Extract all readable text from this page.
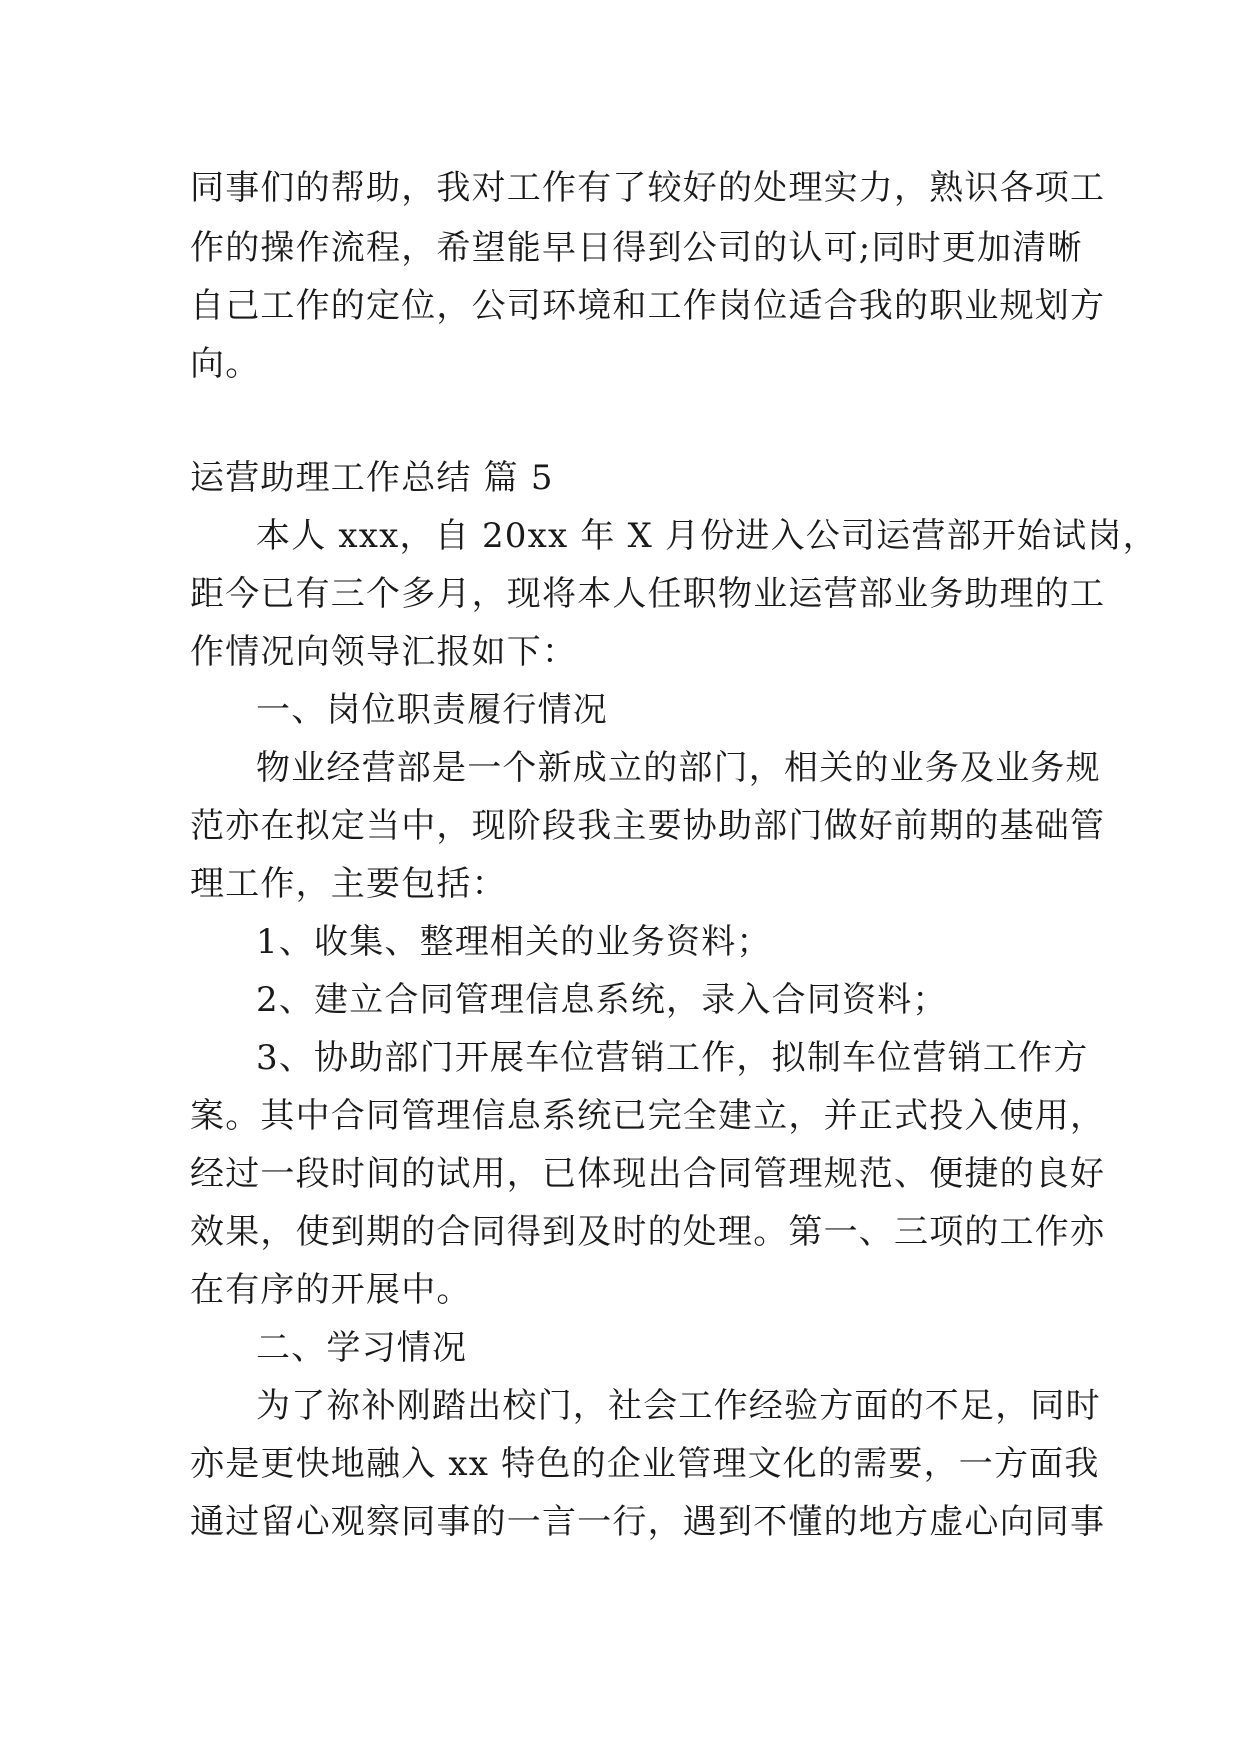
同事们的帮助，我对工作有了较好的处理实力，熟识各项工
作的操作流程，希望能早日得到公司的认可;同时更加清晰
自己工作的定位，公司环境和工作岗位适合我的职业规划方
向。
运营助理工作总结 篇 5
本人 xxx，自 20xx 年 X 月份进入公司运营部开始试岗，
距今已有三个多月，现将本人任职物业运营部业务助理的工
作情况向领导汇报如下：
一、岗位职责履行情况
物业经营部是一个新成立的部门，相关的业务及业务规
范亦在拟定当中，现阶段我主要协助部门做好前期的基础管
理工作，主要包括：
1、收集、整理相关的业务资料；
2、建立合同管理信息系统，录入合同资料；
3、协助部门开展车位营销工作，拟制车位营销工作方
案。其中合同管理信息系统已完全建立，并正式投入使用，
经过一段时间的试用，已体现出合同管理规范、便捷的良好
效果，使到期的合同得到及时的处理。第一、三项的工作亦
在有序的开展中。
二、学习情况
为了祢补刚踏出校门，社会工作经验方面的不足，同时
亦是更快地融入 xx 特色的企业管理文化的需要，一方面我
通过留心观察同事的一言一行，遇到不懂的地方虚心向同事
